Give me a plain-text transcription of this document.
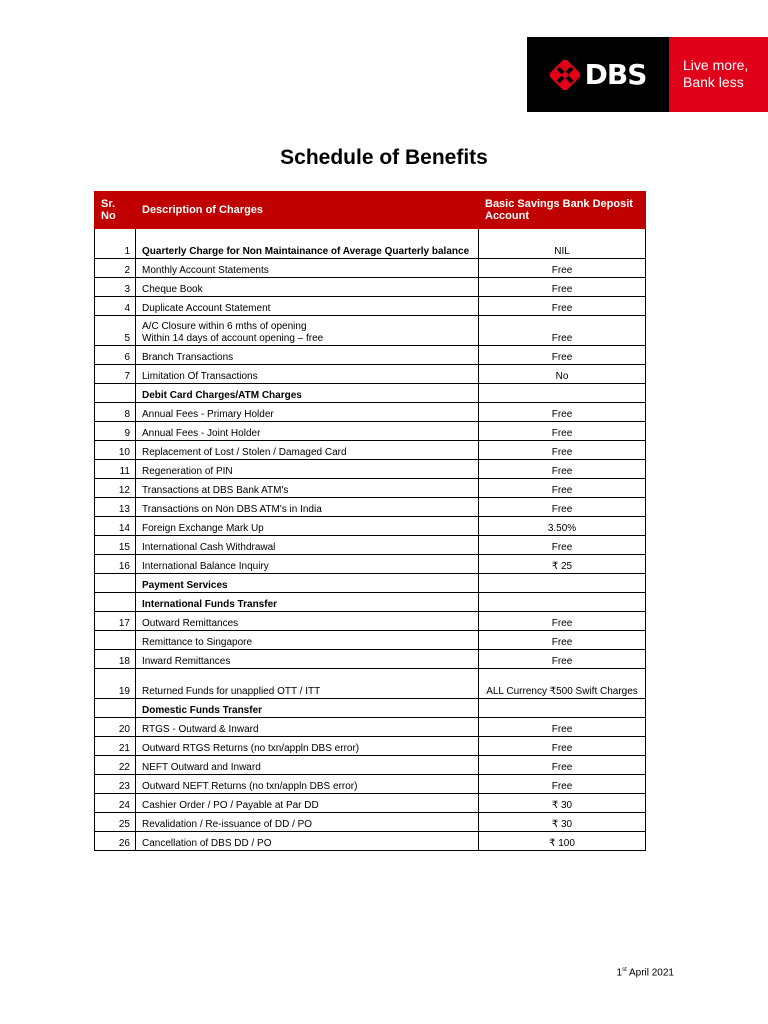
DBS	Live more,
Bank less
Schedule of Benefits
Sr. No	Description of Charges	Basic Savings Bank Deposit Account
1	Quarterly Charge for Non Maintainance of Average Quarterly balance	NIL
2	Monthly Account Statements	Free
3	Cheque Book	Free
4	Duplicate Account Statement	Free
5	A/C Closure within 6 mths of opening
Within 14 days of account opening – free	Free
6	Branch Transactions	Free
7	Limitation Of Transactions	No
	Debit Card Charges/ATM Charges	
8	Annual Fees - Primary Holder	Free
9	Annual Fees - Joint Holder	Free
10	Replacement of Lost / Stolen / Damaged Card	Free
11	Regeneration of PIN	Free
12	Transactions at DBS Bank ATM's	Free
13	Transactions on Non DBS ATM's in India	Free
14	Foreign Exchange Mark Up	3.50%
15	International Cash Withdrawal	Free
16	International Balance Inquiry	₹ 25
	Payment Services	
	International Funds Transfer	
17	Outward Remittances	Free
	Remittance to Singapore	Free
18	Inward Remittances	Free
19	Returned Funds for unapplied OTT / ITT	ALL Currency ₹500 Swift Charges
	Domestic Funds Transfer	
20	RTGS - Outward & Inward	Free
21	Outward RTGS Returns (no txn/appln DBS error)	Free
22	NEFT Outward and Inward	Free
23	Outward NEFT Returns (no txn/appln DBS error)	Free
24	Cashier Order / PO / Payable at Par DD	₹ 30
25	Revalidation / Re-issuance of DD / PO	₹ 30
26	Cancellation of DBS DD / PO	₹ 100
1st April 2021
